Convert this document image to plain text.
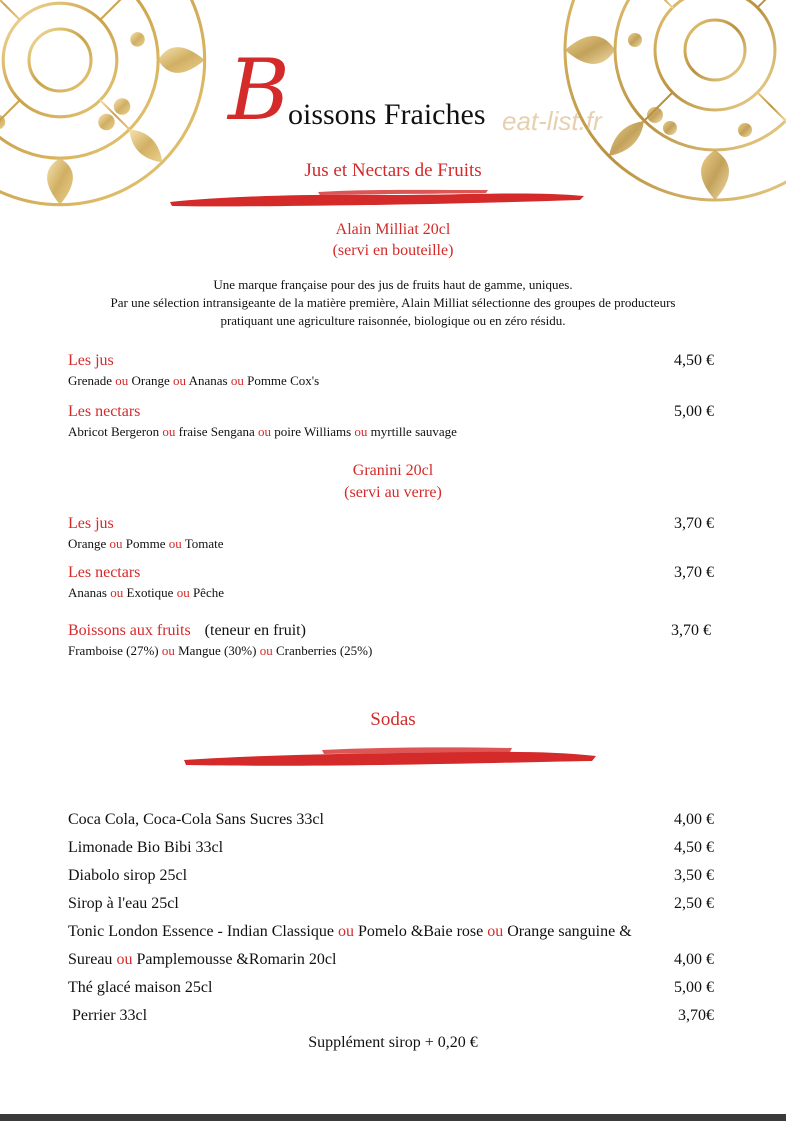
B
oissons Fraiches eat-list.fr
Jus et Nectars de Fruits
Alain Milliat 20cl
(servi en bouteille)
Une marque française pour des jus de fruits haut de gamme, uniques.
Par une sélection intransigeante de la matière première, Alain Milliat sélectionne des groupes de producteurs
pratiquant une agriculture raisonnée, biologique ou en zéro résidu.
Les jus
Grenade ou Orange ou Ananas ou Pomme Cox's
4,50 €
Les nectars
Abricot Bergeron ou fraise Sengana ou poire Williams ou myrtille sauvage
5,00 €
Granini 20cl
(servi au verre)
Les jus
Orange ou Pomme ou Tomate
3,70 €
Les nectars
Ananas ou Exotique ou Pêche
3,70 €
Boissons aux fruits (teneur en fruit)
Framboise (27%) ou Mangue (30%) ou Cranberries (25%)
3,70 €
Sodas
Coca Cola, Coca-Cola Sans Sucres 33cl	4,00 €
Limonade Bio Bibi 33cl	4,50 €
Diabolo sirop 25cl	3,50 €
Sirop à l'eau 25cl	2,50 €
Tonic London Essence - Indian Classique ou Pomelo &Baie rose ou Orange sanguine &
Sureau ou Pamplemousse &Romarin 20cl	4,00 €
Thé glacé maison 25cl	5,00 €
Perrier 33cl	3,70€
Supplément sirop + 0,20 €
